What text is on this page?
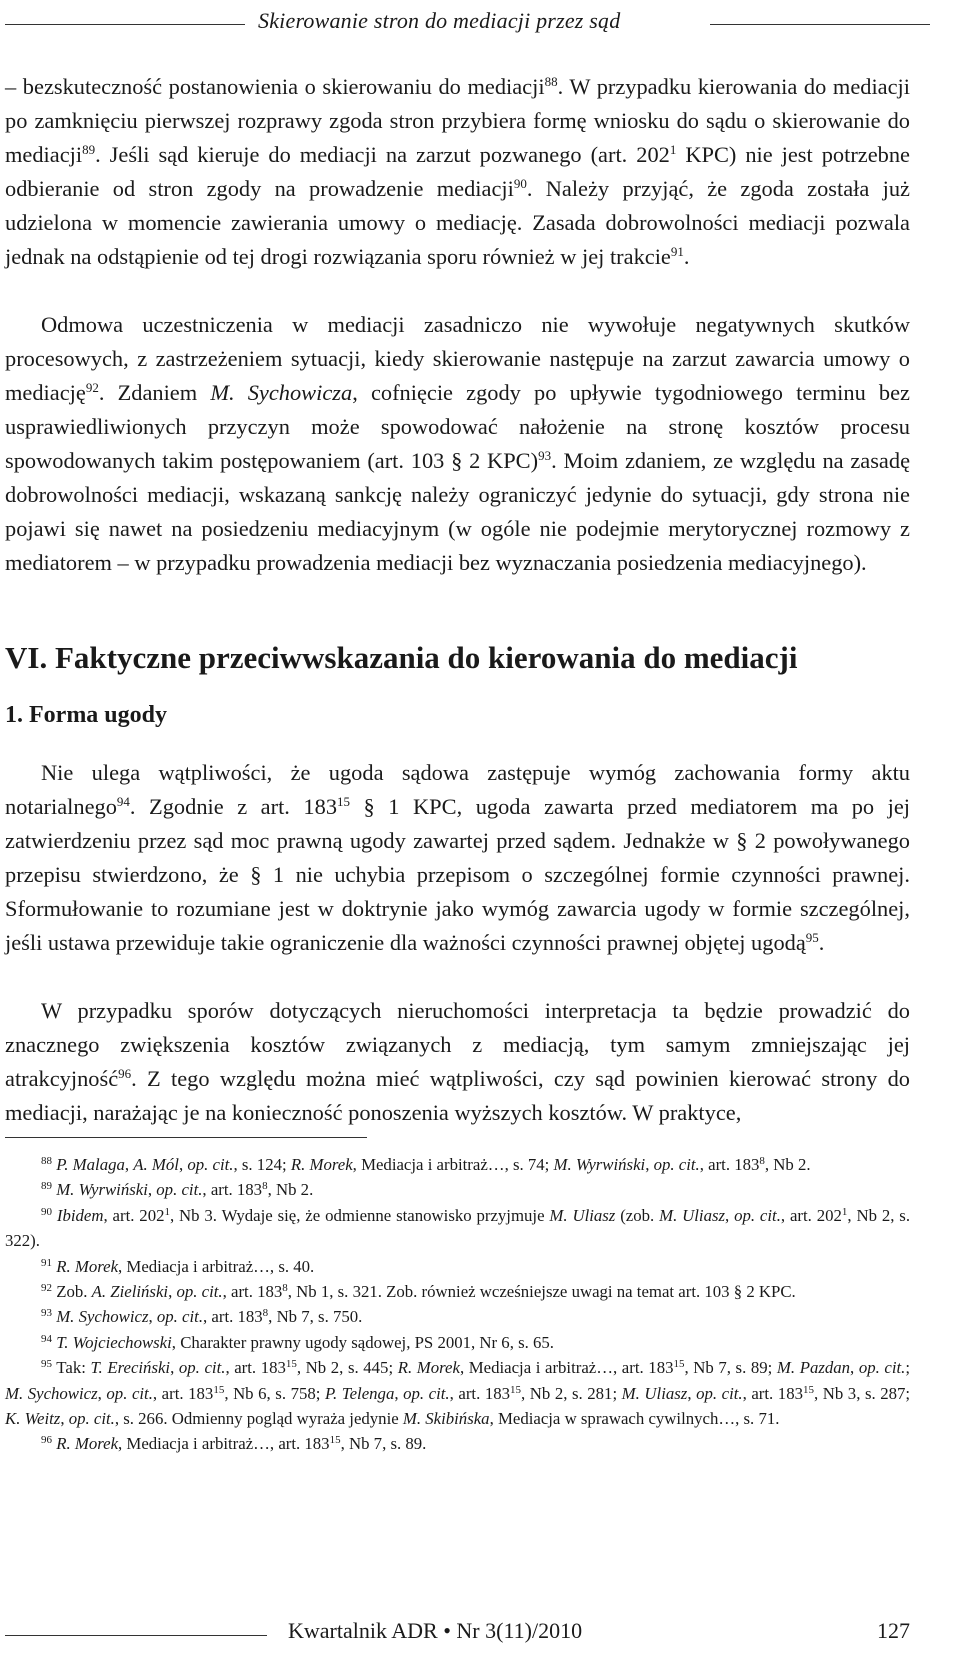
Skierowanie stron do mediacji przez sąd

– bezskuteczność postanowienia o skierowaniu do mediacji$^{88}$. W przypadku kierowania do mediacji po zamknięciu pierwszej rozprawy zgoda stron przybiera formę wniosku do sądu o skierowanie do mediacji$^{89}$. Jeśli sąd kieruje do mediacji na zarzut pozwanego (art. $202^1$ KPC) nie jest potrzebne odbieranie od stron zgody na prowadzenie mediacji$^{90}$. Należy przyjąć, że zgoda została już udzielona w momencie zawierania umowy o mediację. Zasada dobrowolności mediacji pozwala jednak na odstąpienie od tej drogi rozwiązania sporu również w jej trakcie$^{91}$.

Odmowa uczestniczenia w mediacji zasadniczo nie wywołuje negatywnych skutków procesowych, z zastrzeżeniem sytuacji, kiedy skierowanie następuje na zarzut zawarcia umowy o mediację$^{92}$. Zdaniem M. Sychowicza, cofnięcie zgody po upływie tygodniowego terminu bez usprawiedliwionych przyczyn może spowodować nałożenie na stronę kosztów procesu spowodowanych takim postępowaniem (art. 103 § 2 KPC)$^{93}$. Moim zdaniem, ze względu na zasadę dobrowolności mediacji, wskazaną sankcję należy ograniczyć jedynie do sytuacji, gdy strona nie pojawi się nawet na posiedzeniu mediacyjnym (w ogóle nie podejmie merytorycznej rozmowy z mediatorem – w przypadku prowadzenia mediacji bez wyznaczania posiedzenia mediacyjnego).

VI. Faktyczne przeciwwskazania do kierowania do mediacji
1. Forma ugody

Nie ulega wątpliwości, że ugoda sądowa zastępuje wymóg zachowania formy aktu notarialnego$^{94}$. Zgodnie z art. $183^{15}$ § 1 KPC, ugoda zawarta przed mediatorem ma po jej zatwierdzeniu przez sąd moc prawną ugody zawartej przed sądem. Jednakże w § 2 powoływanego przepisu stwierdzono, że § 1 nie uchybia przepisom o szczególnej formie czynności prawnej. Sformułowanie to rozumiane jest w doktrynie jako wymóg zawarcia ugody w formie szczególnej, jeśli ustawa przewiduje takie ograniczenie dla ważności czynności prawnej objętej ugodą$^{95}$.

W przypadku sporów dotyczących nieruchomości interpretacja ta będzie prowadzić do znacznego zwiększenia kosztów związanych z mediacją, tym samym zmniejszając jej atrakcyjność$^{96}$. Z tego względu można mieć wątpliwości, czy sąd powinien kierować strony do mediacji, narażając je na konieczność ponoszenia wyższych kosztów. W praktyce,

$^{88}$ P. Malaga, A. Mól, op. cit., s. 124; R. Morek, Mediacja i arbitraż…, s. 74; M. Wyrwiński, op. cit., art. $183^8$, Nb 2.

$^{89}$ M. Wyrwiński, op. cit., art. $183^8$, Nb 2.

$^{90}$ Ibidem, art. $202^1$, Nb 3. Wydaje się, że odmienne stanowisko przyjmuje M. Uliasz (zob. M. Uliasz, op. cit., art. $202^1$, Nb 2, s. 322).

$^{91}$ R. Morek, Mediacja i arbitraż…, s. 40.

$^{92}$ Zob. A. Zieliński, op. cit., art. $183^8$, Nb 1, s. 321. Zob. również wcześniejsze uwagi na temat art. 103 § 2 KPC.

$^{93}$ M. Sychowicz, op. cit., art. $183^8$, Nb 7, s. 750.

$^{94}$ T. Wojciechowski, Charakter prawny ugody sądowej, PS 2001, Nr 6, s. 65.

$^{95}$ Tak: T. Ereciński, op. cit., art. $183^{15}$, Nb 2, s. 445; R. Morek, Mediacja i arbitraż…, art. $183^{15}$, Nb 7, s. 89; M. Pazdan, op. cit.; M. Sychowicz, op. cit., art. $183^{15}$, Nb 6, s. 758; P. Telenga, op. cit., art. $183^{15}$, Nb 2, s. 281; M. Uliasz, op. cit., art. $183^{15}$, Nb 3, s. 287; K. Weitz, op. cit., s. 266. Odmienny pogląd wyraża jedynie M. Skibińska, Mediacja w sprawach cywilnych…, s. 71.

$^{96}$ R. Morek, Mediacja i arbitraż…, art. $183^{15}$, Nb 7, s. 89.

Kwartalnik ADR • Nr 3(11)/2010	127
